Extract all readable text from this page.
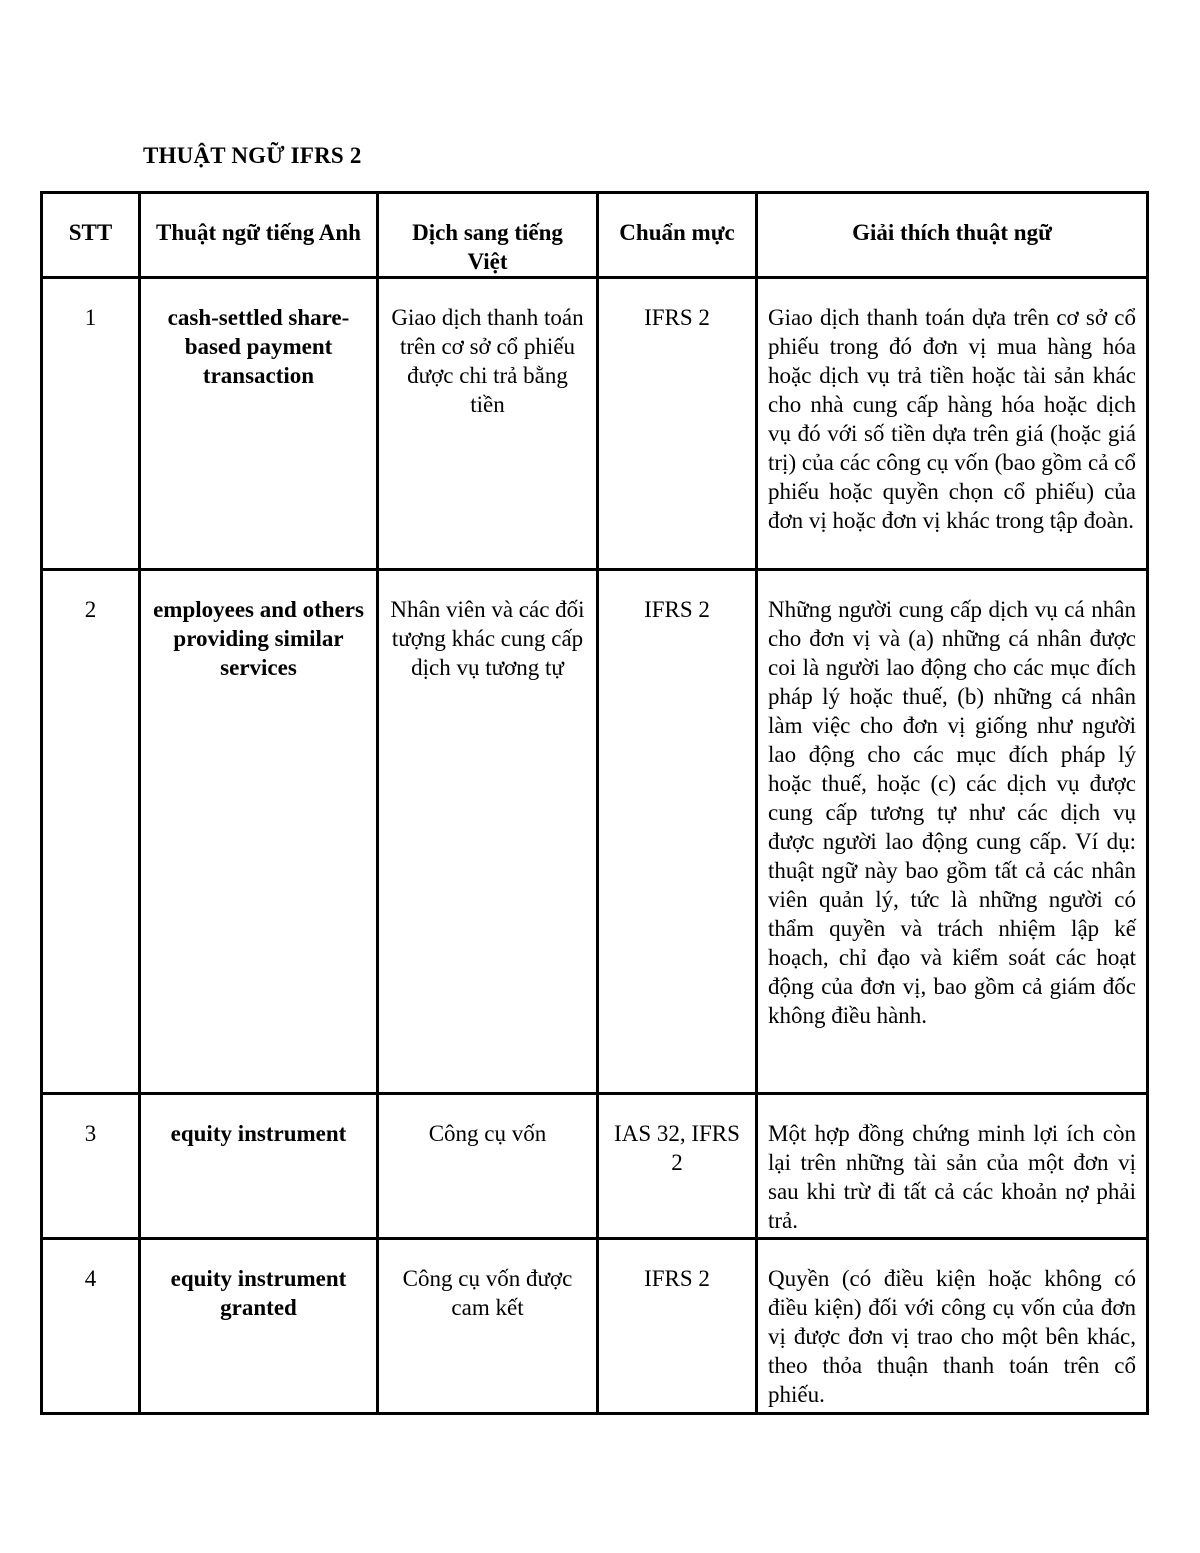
THUẬT NGỮ IFRS 2
STT	Thuật ngữ tiếng Anh	Dịch sang tiếng Việt	Chuẩn mực	Giải thích thuật ngữ
1	cash-settled share-based payment transaction	Giao dịch thanh toán trên cơ sở cổ phiếu được chi trả bằng tiền	IFRS 2	Giao dịch thanh toán dựa trên cơ sở cổ phiếu trong đó đơn vị mua hàng hóa hoặc dịch vụ trả tiền hoặc tài sản khác cho nhà cung cấp hàng hóa hoặc dịch vụ đó với số tiền dựa trên giá (hoặc giá trị) của các công cụ vốn (bao gồm cả cổ phiếu hoặc quyền chọn cổ phiếu) của đơn vị hoặc đơn vị khác trong tập đoàn.
2	employees and others providing similar services	Nhân viên và các đối tượng khác cung cấp dịch vụ tương tự	IFRS 2	Những người cung cấp dịch vụ cá nhân cho đơn vị và (a) những cá nhân được coi là người lao động cho các mục đích pháp lý hoặc thuế, (b) những cá nhân làm việc cho đơn vị giống như người lao động cho các mục đích pháp lý hoặc thuế, hoặc (c) các dịch vụ được cung cấp tương tự như các dịch vụ được người lao động cung cấp. Ví dụ: thuật ngữ này bao gồm tất cả các nhân viên quản lý, tức là những người có thẩm quyền và trách nhiệm lập kế hoạch, chỉ đạo và kiểm soát các hoạt động của đơn vị, bao gồm cả giám đốc không điều hành.
3	equity instrument	Công cụ vốn	IAS 32, IFRS 2	Một hợp đồng chứng minh lợi ích còn lại trên những tài sản của một đơn vị sau khi trừ đi tất cả các khoản nợ phải trả.
4	equity instrument granted	Công cụ vốn được cam kết	IFRS 2	Quyền (có điều kiện hoặc không có điều kiện) đối với công cụ vốn của đơn vị được đơn vị trao cho một bên khác, theo thỏa thuận thanh toán trên cổ phiếu.
